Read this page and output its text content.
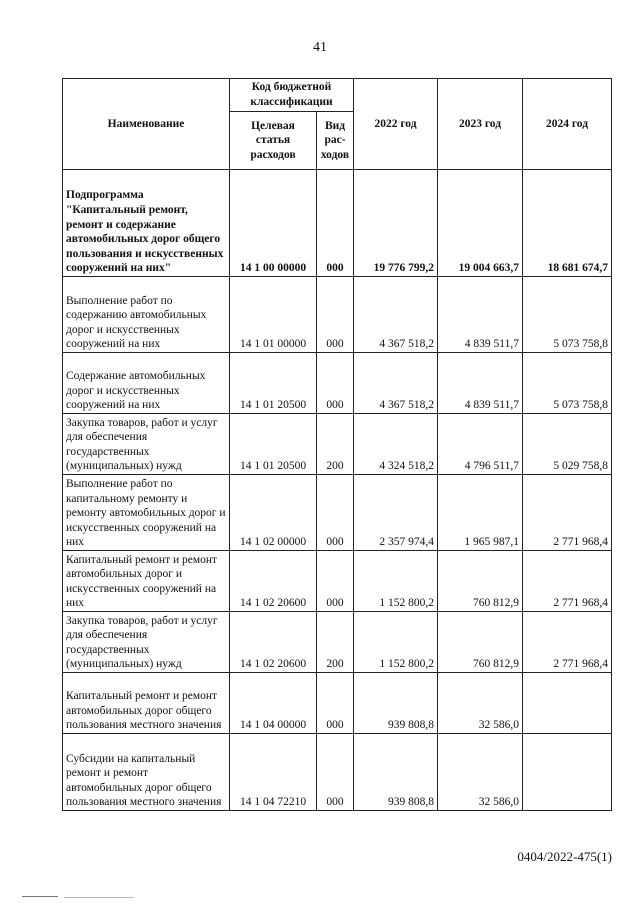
41
Наименование	Код бюджетной классификации		2022 год	2023 год	2024 год
	Целевая статья расходов	Вид рас-ходов			
Подпрограмма "Капитальный ремонт, ремонт и содержание автомобильных дорог общего пользования и искусственных сооружений на них"	14 1 00 00000	000	19 776 799,2	19 004 663,7	18 681 674,7
Выполнение работ по содержанию автомобильных дорог и искусственных сооружений на них	14 1 01 00000	000	4 367 518,2	4 839 511,7	5 073 758,8
Содержание автомобильных дорог и искусственных сооружений на них	14 1 01 20500	000	4 367 518,2	4 839 511,7	5 073 758,8
Закупка товаров, работ и услуг для обеспечения государственных (муниципальных) нужд	14 1 01 20500	200	4 324 518,2	4 796 511,7	5 029 758,8
Выполнение работ по капитальному ремонту и ремонту автомобильных дорог и искусственных сооружений на них	14 1 02 00000	000	2 357 974,4	1 965 987,1	2 771 968,4
Капитальный ремонт и ремонт автомобильных дорог и искусственных сооружений на них	14 1 02 20600	000	1 152 800,2	760 812,9	2 771 968,4
Закупка товаров, работ и услуг для обеспечения государственных (муниципальных) нужд	14 1 02 20600	200	1 152 800,2	760 812,9	2 771 968,4
Капитальный ремонт и ремонт автомобильных дорог общего пользования местного значения	14 1 04 00000	000	939 808,8	32 586,0	
Субсидии на капитальный ремонт и ремонт автомобильных дорог общего пользования местного значения	14 1 04 72210	000	939 808,8	32 586,0	
0404/2022-475(1)
